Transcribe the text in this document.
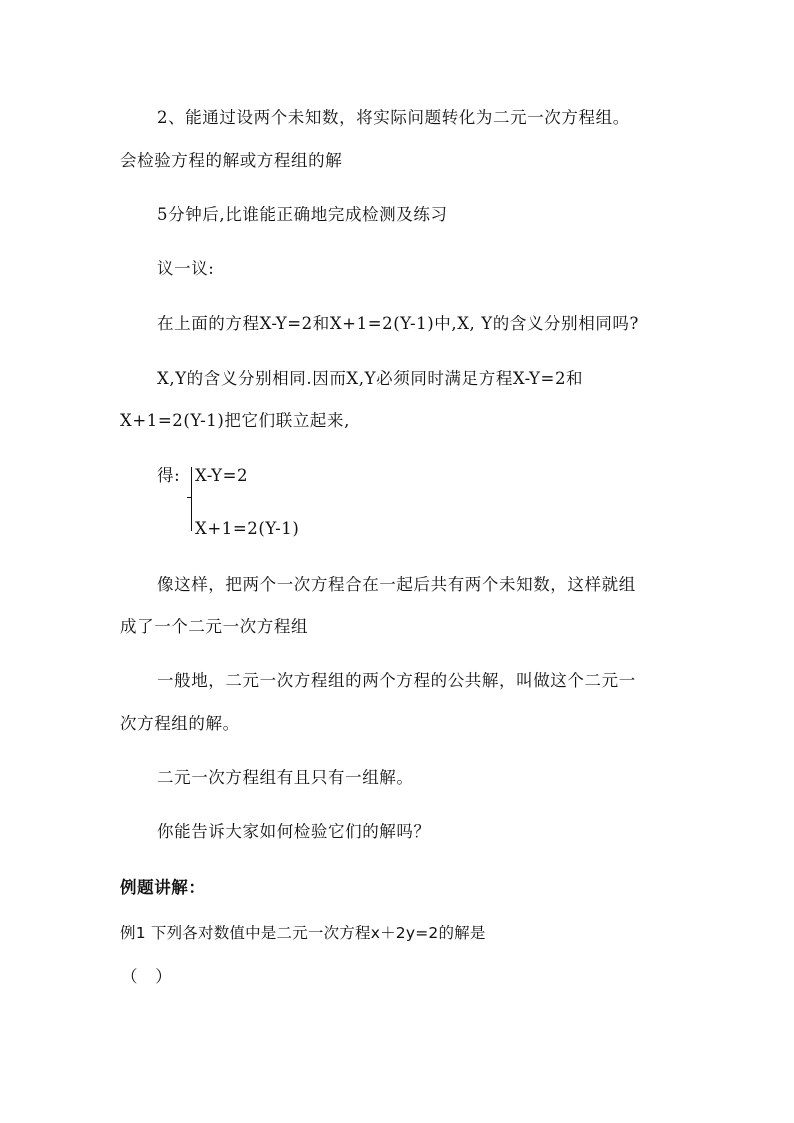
2、能通过设两个未知数，将实际问题转化为二元一次方程组。
会检验方程的解或方程组的解
5分钟后,比谁能正确地完成检测及练习
议一议:
在上面的方程X-Y=2和X+1=2(Y-1)中,X, Y的含义分别相同吗?
X,Y的含义分别相同.因而X,Y必须同时满足方程X-Y=2和
X+1=2(Y-1)把它们联立起来,
得: X-Y=2
X+1=2(Y-1)
像这样，把两个一次方程合在一起后共有两个未知数，这样就组
成了一个二元一次方程组
一般地，二元一次方程组的两个方程的公共解，叫做这个二元一
次方程组的解。
二元一次方程组有且只有一组解。
你能告诉大家如何检验它们的解吗？
例题讲解：
例1 下列各对数值中是二元一次方程x＋2y=2的解是
（　）
